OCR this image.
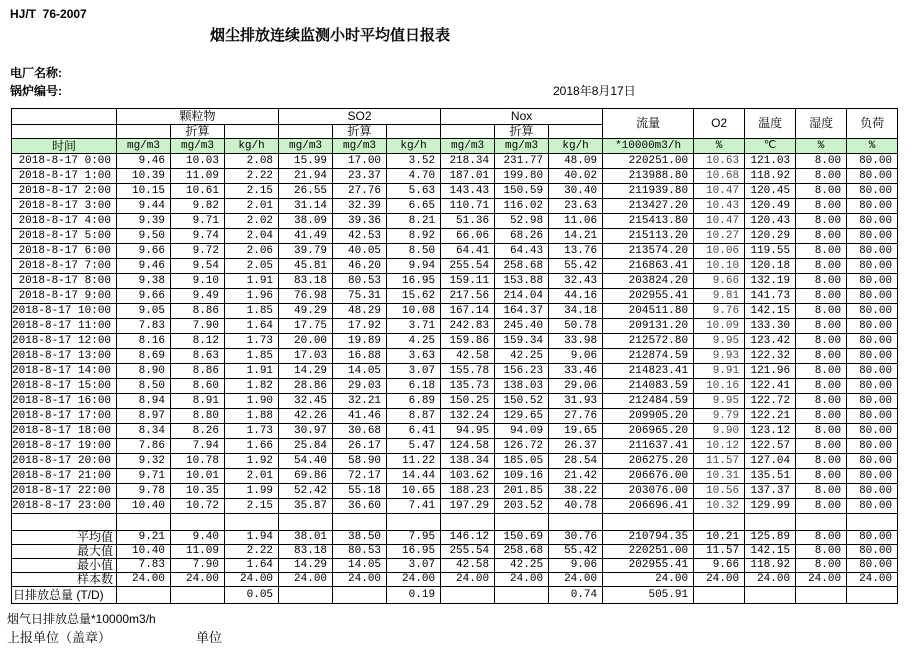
HJ/T  76-2007
烟尘排放连续监测小时平均值日报表
电厂名称:
锅炉编号:	2018年8月17日
	颗粒物			SO2			Nox			流量	O2	温度	湿度	负荷
		折算			折算			折算						
时间	mg/m3	mg/m3	kg/h	mg/m3	mg/m3	kg/h	mg/m3	mg/m3	kg/h	*10000m3/h	%	℃	%	%
2018-8-17 0:00	9.46	10.03	2.08	15.99	17.00	3.52	218.34	231.77	48.09	220251.00	10.63	121.03	8.00	80.00
2018-8-17 1:00	10.39	11.09	2.22	21.94	23.37	4.70	187.01	199.80	40.02	213988.80	10.68	118.92	8.00	80.00
2018-8-17 2:00	10.15	10.61	2.15	26.55	27.76	5.63	143.43	150.59	30.40	211939.80	10.47	120.45	8.00	80.00
2018-8-17 3:00	9.44	9.82	2.01	31.14	32.39	6.65	110.71	116.02	23.63	213427.20	10.43	120.49	8.00	80.00
2018-8-17 4:00	9.39	9.71	2.02	38.09	39.36	8.21	51.36	52.98	11.06	215413.80	10.47	120.43	8.00	80.00
2018-8-17 5:00	9.50	9.74	2.04	41.49	42.53	8.92	66.06	68.26	14.21	215113.20	10.27	120.29	8.00	80.00
2018-8-17 6:00	9.66	9.72	2.06	39.79	40.05	8.50	64.41	64.43	13.76	213574.20	10.06	119.55	8.00	80.00
2018-8-17 7:00	9.46	9.54	2.05	45.81	46.20	9.94	255.54	258.68	55.42	216863.41	10.10	120.18	8.00	80.00
2018-8-17 8:00	9.38	9.10	1.91	83.18	80.53	16.95	159.11	153.88	32.43	203824.20	9.66	132.19	8.00	80.00
2018-8-17 9:00	9.66	9.49	1.96	76.98	75.31	15.62	217.56	214.04	44.16	202955.41	9.81	141.73	8.00	80.00
2018-8-17 10:00	9.05	8.86	1.85	49.29	48.29	10.08	167.14	164.37	34.18	204511.80	9.76	142.15	8.00	80.00
2018-8-17 11:00	7.83	7.90	1.64	17.75	17.92	3.71	242.83	245.40	50.78	209131.20	10.09	133.30	8.00	80.00
2018-8-17 12:00	8.16	8.12	1.73	20.00	19.89	4.25	159.86	159.34	33.98	212572.80	9.95	123.42	8.00	80.00
2018-8-17 13:00	8.69	8.63	1.85	17.03	16.88	3.63	42.58	42.25	9.06	212874.59	9.93	122.32	8.00	80.00
2018-8-17 14:00	8.90	8.86	1.91	14.29	14.05	3.07	155.78	156.23	33.46	214823.41	9.91	121.96	8.00	80.00
2018-8-17 15:00	8.50	8.60	1.82	28.86	29.03	6.18	135.73	138.03	29.06	214083.59	10.16	122.41	8.00	80.00
2018-8-17 16:00	8.94	8.91	1.90	32.45	32.21	6.89	150.25	150.52	31.93	212484.59	9.95	122.72	8.00	80.00
2018-8-17 17:00	8.97	8.80	1.88	42.26	41.46	8.87	132.24	129.65	27.76	209905.20	9.79	122.21	8.00	80.00
2018-8-17 18:00	8.34	8.26	1.73	30.97	30.68	6.41	94.95	94.09	19.65	206965.20	9.90	123.12	8.00	80.00
2018-8-17 19:00	7.86	7.94	1.66	25.84	26.17	5.47	124.58	126.72	26.37	211637.41	10.12	122.57	8.00	80.00
2018-8-17 20:00	9.32	10.78	1.92	54.40	58.90	11.22	138.34	185.05	28.54	206275.20	11.57	127.04	8.00	80.00
2018-8-17 21:00	9.71	10.01	2.01	69.86	72.17	14.44	103.62	109.16	21.42	206676.00	10.31	135.51	8.00	80.00
2018-8-17 22:00	9.78	10.35	1.99	52.42	55.18	10.65	188.23	201.85	38.22	203076.00	10.56	137.37	8.00	80.00
2018-8-17 23:00	10.40	10.72	2.15	35.87	36.60	7.41	197.29	203.52	40.78	206696.41	10.32	129.99	8.00	80.00

平均值	9.21	9.40	1.94	38.01	38.50	7.95	146.12	150.69	30.76	210794.35	10.21	125.89	8.00	80.00
最大值	10.40	11.09	2.22	83.18	80.53	16.95	255.54	258.68	55.42	220251.00	11.57	142.15	8.00	80.00
最小值	7.83	7.90	1.64	14.29	14.05	3.07	42.58	42.25	9.06	202955.41	9.66	118.92	8.00	80.00
样本数	24.00	24.00	24.00	24.00	24.00	24.00	24.00	24.00	24.00	24.00	24.00	24.00	24.00	24.00
日排放总量 (T/D)			0.05			0.19			0.74	505.91				
烟气日排放总量*10000m3/h
上报单位（盖章）	单位
